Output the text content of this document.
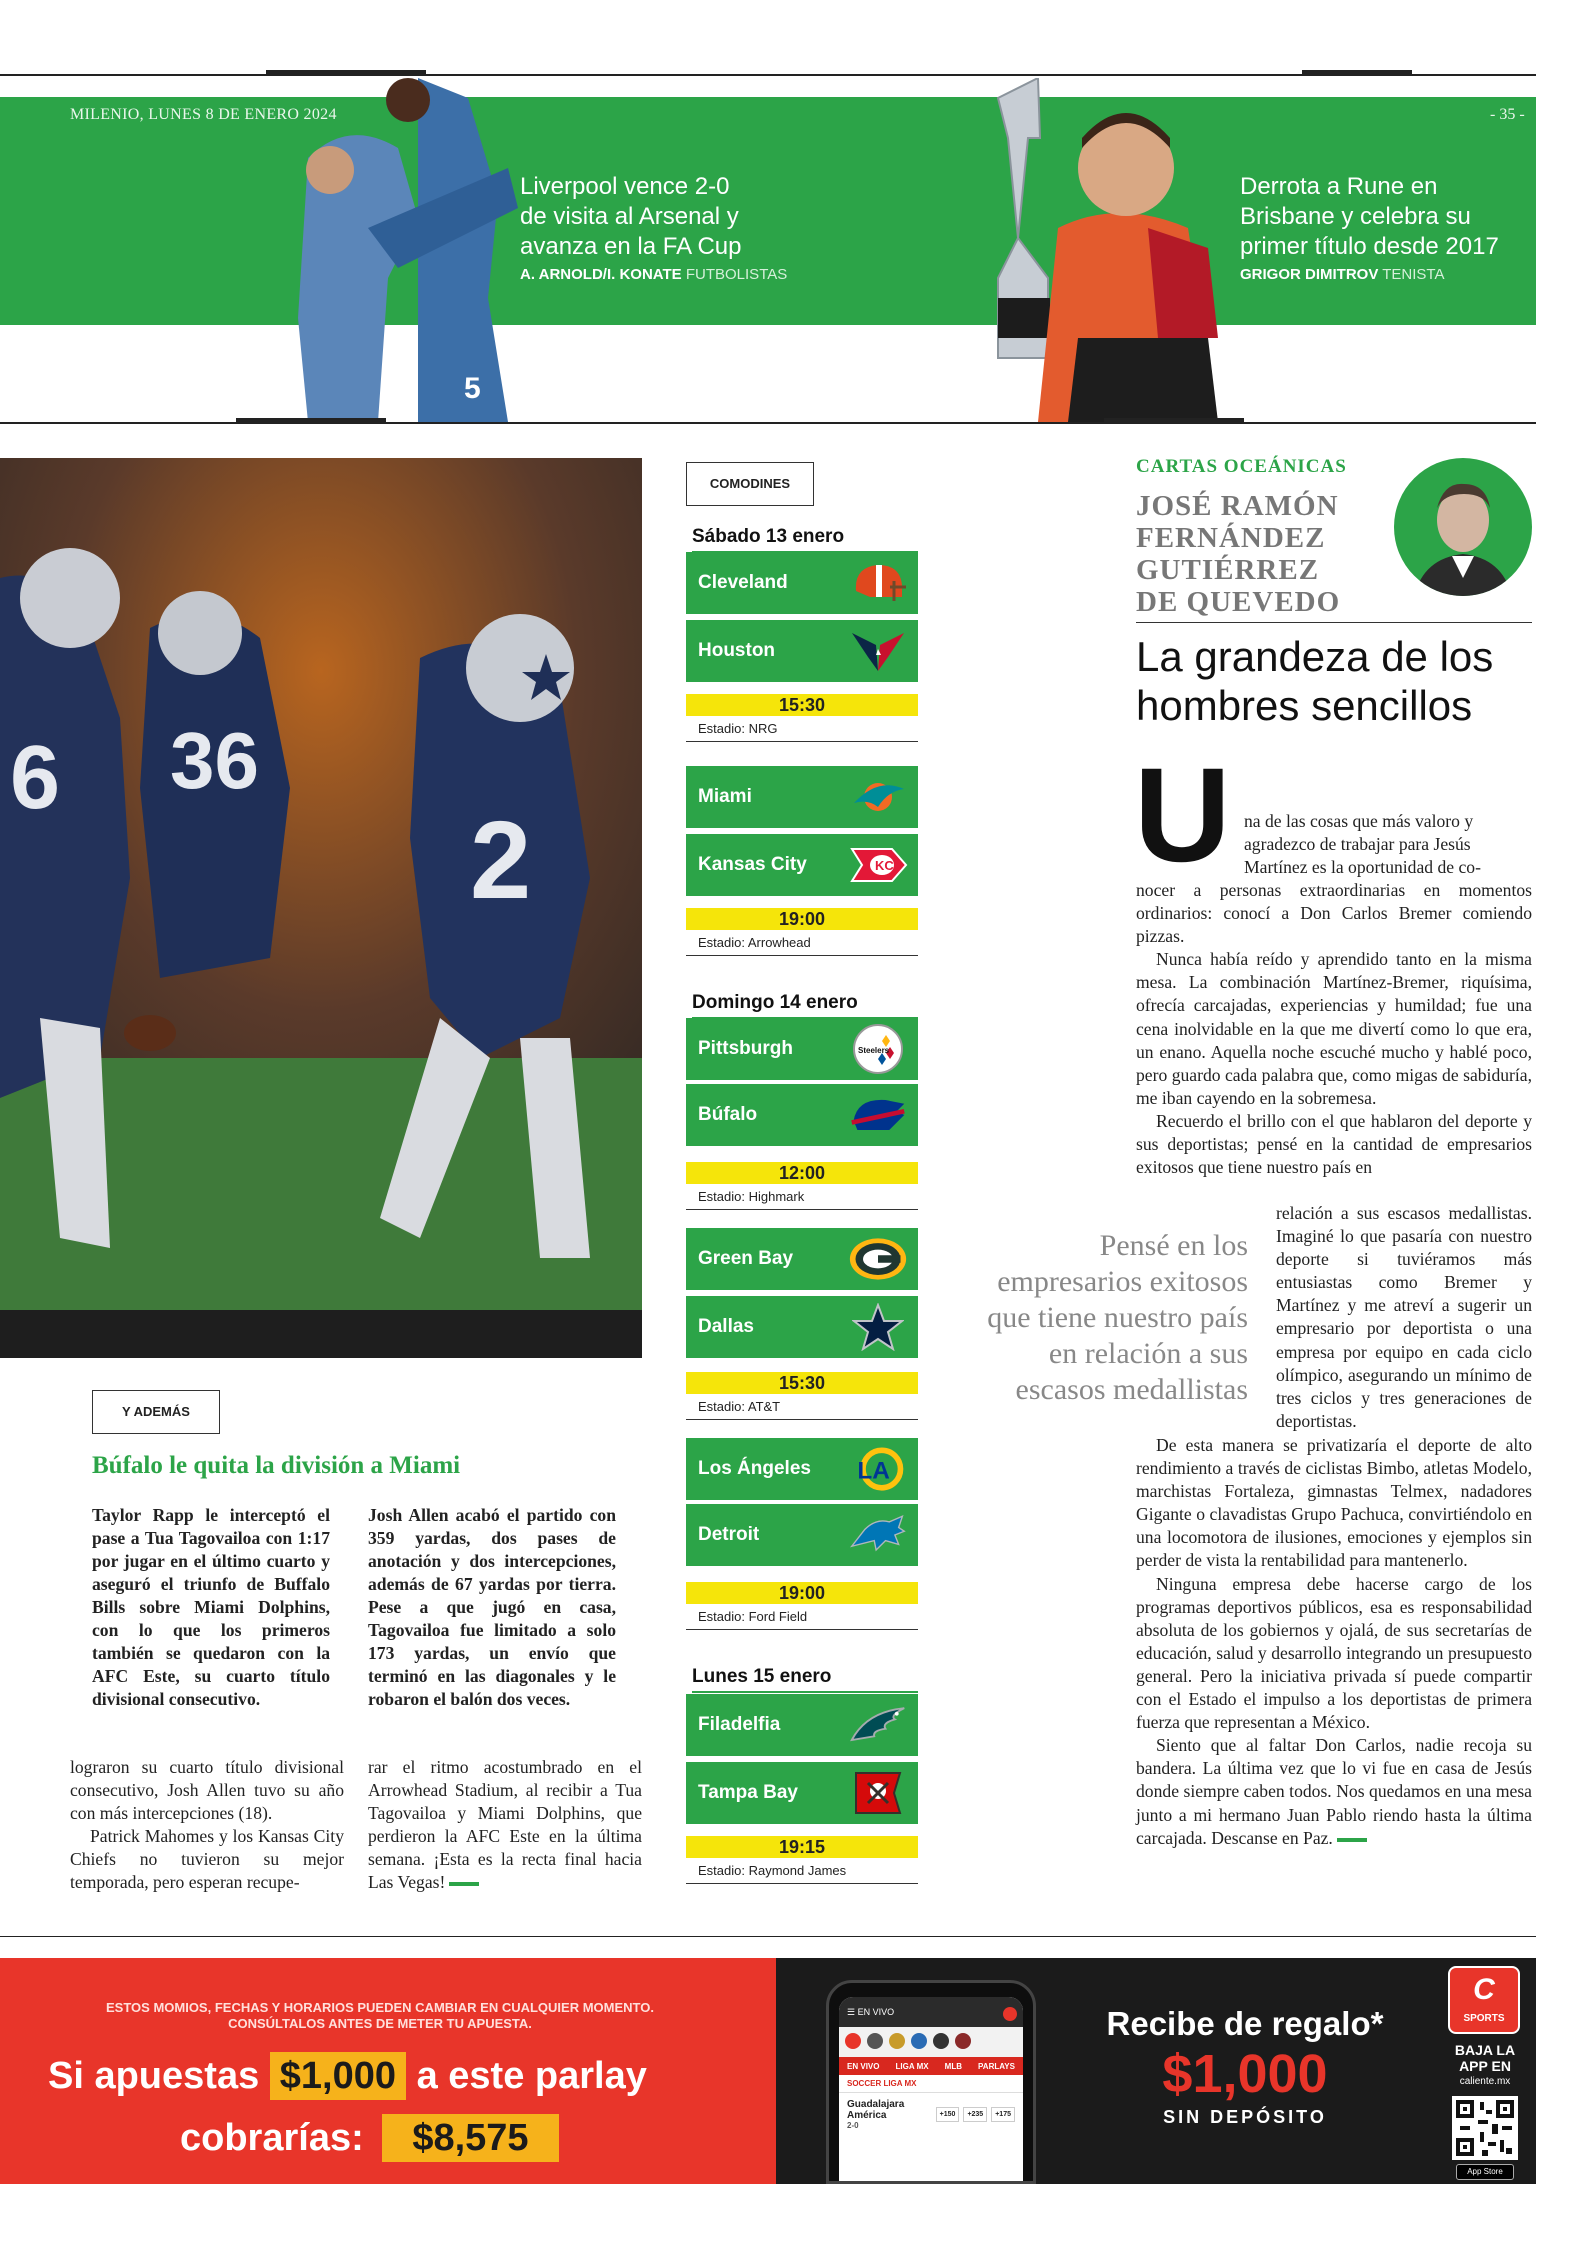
MILENIO, LUNES 8 DE ENERO 2024	- 35 -
5
Liverpool vence 2-0
de visita al Arsenal y
avanza en la FA Cup
A. ARNOLD/I. KONATE FUTBOLISTAS
Derrota a Rune en
Brisbane y celebra su
primer título desde 2017
GRIGOR DIMITROV TENISTA
36
6
2
Y ADEMÁS
Búfalo le quita la división a Miami
Taylor Rapp le interceptó el pase a Tua Tagovailoa con 1:17 por jugar en el último cuarto y aseguró el triunfo de Buffalo Bills sobre Miami Dolphins, con lo que los primeros también se quedaron con la AFC Este, su cuarto título divisional consecutivo.
Josh Allen acabó el partido con 359 yardas, dos pases de anotación y dos intercepciones, además de 67 yardas por tierra. Pese a que jugó en casa, Tagovailoa fue limitado a solo 173 yardas, un envío que terminó en las diagonales y le robaron el balón dos veces.

lograron su cuarto título divisional consecutivo, Josh Allen tuvo su año con más intercepciones (18).

Patrick Mahomes y los Kansas City Chiefs no tuvieron su mejor temporada, pero esperan recupe-

rar el ritmo acostumbrado en el Arrowhead Stadium, al recibir a Tua Tagovailoa y Miami Dolphins, que perdieron la AFC Este en la última semana. ¡Esta es la recta final hacia Las Vegas!
COMODINES
Sábado 13 enero
Cleveland
Houston
15:30
Estadio: NRG
Miami
Kansas City	KC
19:00
Estadio: Arrowhead
Domingo 14 enero
Pittsburgh	Steelers
Búfalo
12:00
Estadio: Highmark
Green Bay
Dallas
15:30
Estadio: AT&T
Los Ángeles LA
Detroit
19:00
Estadio: Ford Field
Lunes 15 enero
Filadelfia
Tampa Bay
19:15
Estadio: Raymond James
CARTAS OCEÁNICAS
JOSÉ RAMÓN
FERNÁNDEZ
GUTIÉRREZ
DE QUEVEDO
La grandeza de los
hombres sencillos
U na de las cosas que más valoro y
agradezco de trabajar para Jesús
Martínez es la oportunidad de co-
nocer a personas extraordinarias en momentos ordinarios: conocí a Don Carlos Bremer comiendo pizzas.

Nunca había reído y aprendido tanto en la misma mesa. La combinación Martínez-Bremer, riquísima, ofrecía carcajadas, experiencias y humildad; fue una cena inolvidable en la que me divertí como lo que era, un enano. Aquella noche escuché mucho y hablé poco, pero guardo cada palabra que, como migas de sabiduría, me iban cayendo en la sobremesa.

Recuerdo el brillo con el que hablaron del deporte y sus deportistas; pensé en la cantidad de empresarios exitosos que tiene nuestro país en

relación a sus escasos medallistas. Imaginé lo que pasaría con nuestro deporte si tuviéramos más entusiastas como Bremer y Martínez y me atreví a sugerir un empresario por deportista o una empresa por equipo en cada ciclo olímpico, asegurando un mínimo de tres ciclos y tres generaciones de deportistas.

De esta manera se privatizaría el deporte de alto rendimiento a través de ciclistas Bimbo, atletas Modelo, marchistas Fortaleza, gimnastas Telmex, nadadores Gigante o clavadistas Grupo Pachuca, convirtiéndolo en una locomotora de ilusiones, emociones y ejemplos sin perder de vista la rentabilidad para mantenerlo.

Ninguna empresa debe hacerse cargo de los programas deportivos públicos, esa es responsabilidad absoluta de los gobiernos y ojalá, de sus secretarías de educación, salud y desarrollo integrando un presupuesto general. Pero la iniciativa privada sí puede compartir con el Estado el impulso a los deportistas de primera fuerza que representan a México.

Siento que al faltar Don Carlos, nadie recoja su bandera. La última vez que lo vi fue en casa de Jesús donde siempre caben todos. Nos quedamos en una mesa junto a mi hermano Juan Pablo riendo hasta la última carcajada. Descanse en Paz.

Pensé en los empresarios exitosos que tiene nuestro país en relación a sus escasos medallistas
ESTOS MOMIOS, FECHAS Y HORARIOS PUEDEN CAMBIAR EN CUALQUIER MOMENTO.
CONSÚLTALOS ANTES DE METER TU APUESTA.
Si apuestas $1,000 a este parlay
cobrarías: $8,575
☰ EN VIVO
EN VIVO LIGA MX MLB PARLAYS
SOCCER LIGA MX
Guadalajara
América
2-0
+150	+235	+175
Recibe de regalo*
$1,000
SIN DEPÓSITO
C
SPORTS
BAJA LA
APP EN
caliente.mx
App Store
